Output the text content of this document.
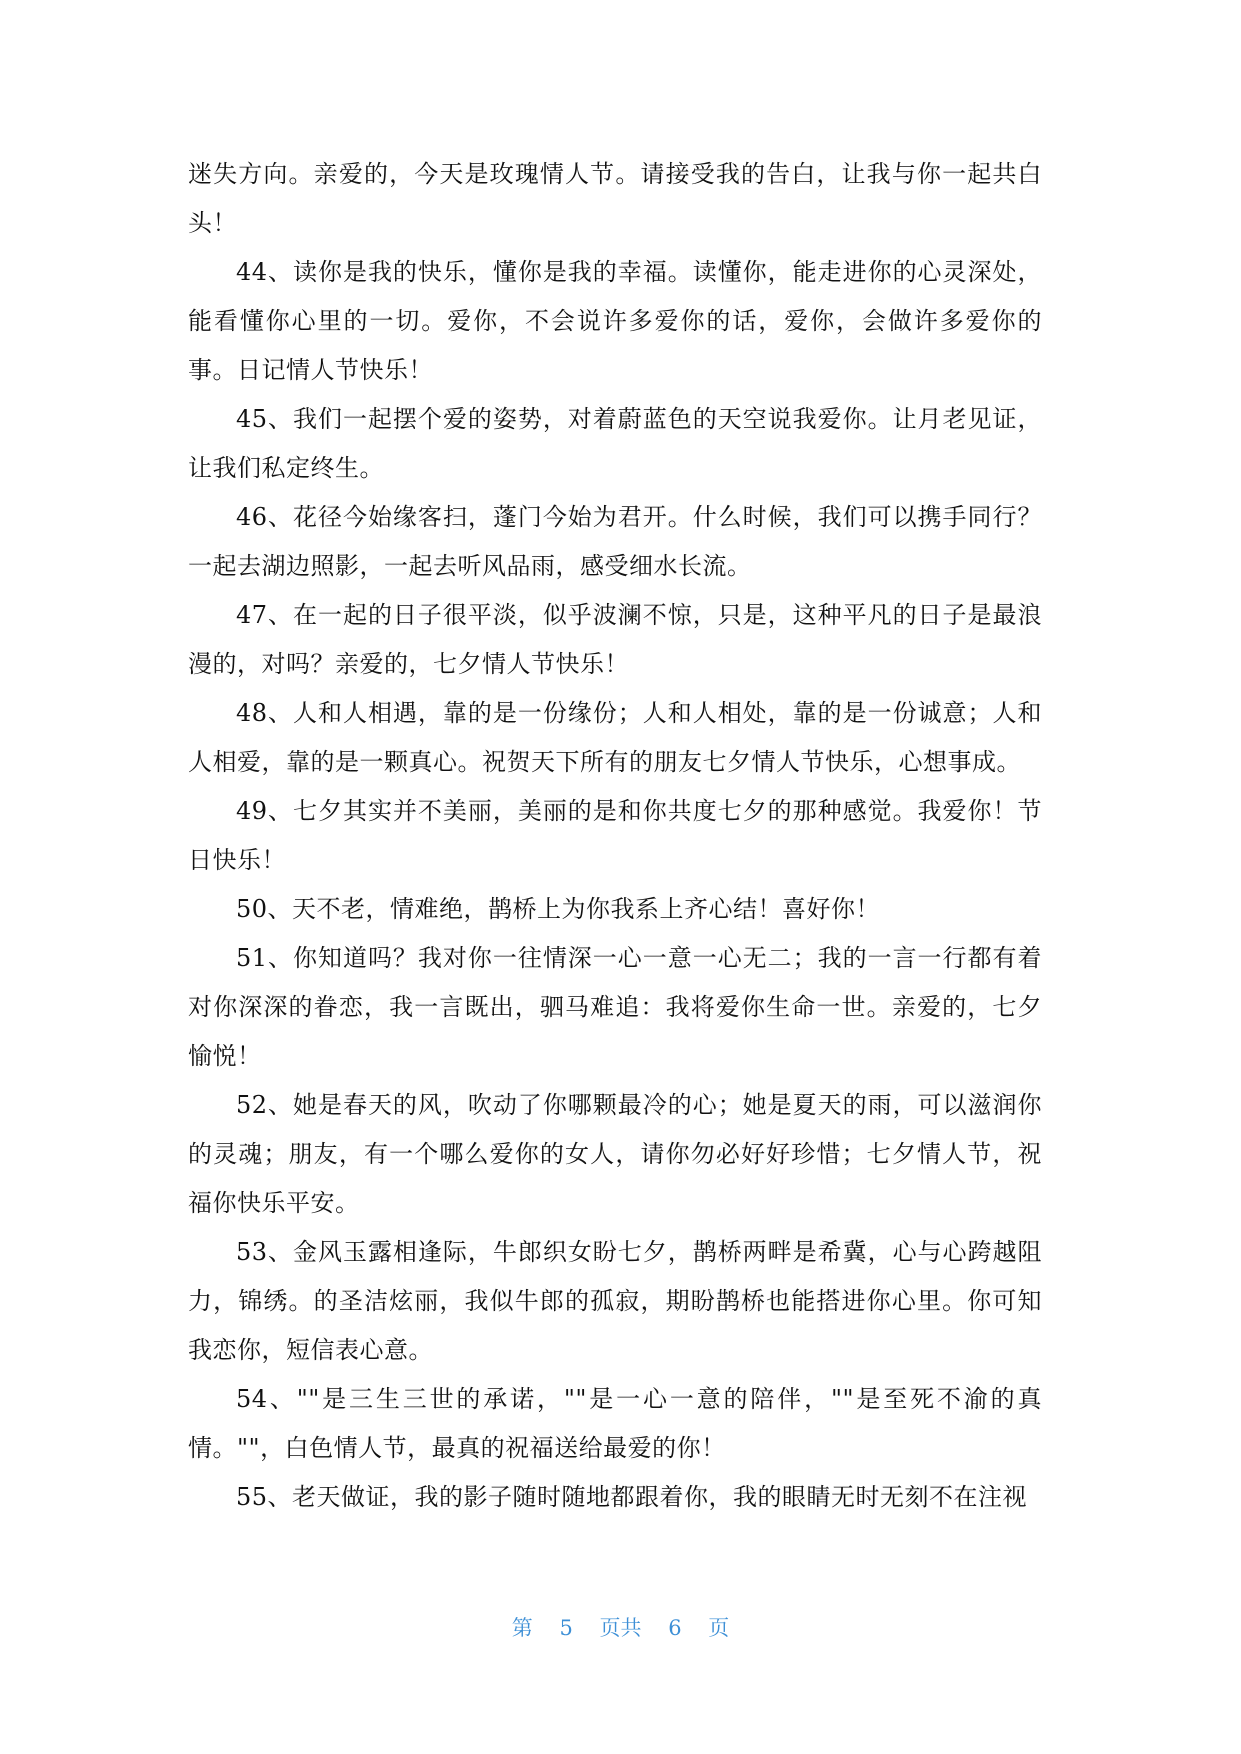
迷失方向。亲爱的，今天是玫瑰情人节。请接受我的告白，让我与你一起共白头！

44、读你是我的快乐，懂你是我的幸福。读懂你，能走进你的心灵深处，能看懂你心里的一切。爱你，不会说许多爱你的话，爱你，会做许多爱你的事。日记情人节快乐！

45、我们一起摆个爱的姿势，对着蔚蓝色的天空说我爱你。让月老见证，让我们私定终生。

46、花径今始缘客扫，蓬门今始为君开。什么时候，我们可以携手同行？一起去湖边照影，一起去听风品雨，感受细水长流。

47、在一起的日子很平淡，似乎波澜不惊，只是，这种平凡的日子是最浪漫的，对吗？亲爱的，七夕情人节快乐！

48、人和人相遇，靠的是一份缘份；人和人相处，靠的是一份诚意；人和人相爱，靠的是一颗真心。祝贺天下所有的朋友七夕情人节快乐，心想事成。

49、七夕其实并不美丽，美丽的是和你共度七夕的那种感觉。我爱你！节日快乐！

50、天不老，情难绝，鹊桥上为你我系上齐心结！喜好你！

51、你知道吗？我对你一往情深一心一意一心无二；我的一言一行都有着对你深深的眷恋，我一言既出，驷马难追：我将爱你生命一世。亲爱的，七夕愉悦！

52、她是春天的风，吹动了你哪颗最冷的心；她是夏天的雨，可以滋润你的灵魂；朋友，有一个哪么爱你的女人，请你勿必好好珍惜；七夕情人节，祝福你快乐平安。

53、金风玉露相逢际，牛郎织女盼七夕，鹊桥两畔是希冀，心与心跨越阻力，锦绣。的圣洁炫丽，我似牛郎的孤寂，期盼鹊桥也能搭进你心里。你可知我恋你，短信表心意。

54、""是三生三世的承诺，""是一心一意的陪伴，""是至死不渝的真情。""，白色情人节，最真的祝福送给最爱的你！

55、老天做证，我的影子随时随地都跟着你，我的眼睛无时无刻不在注视

第 5 页共 6 页
